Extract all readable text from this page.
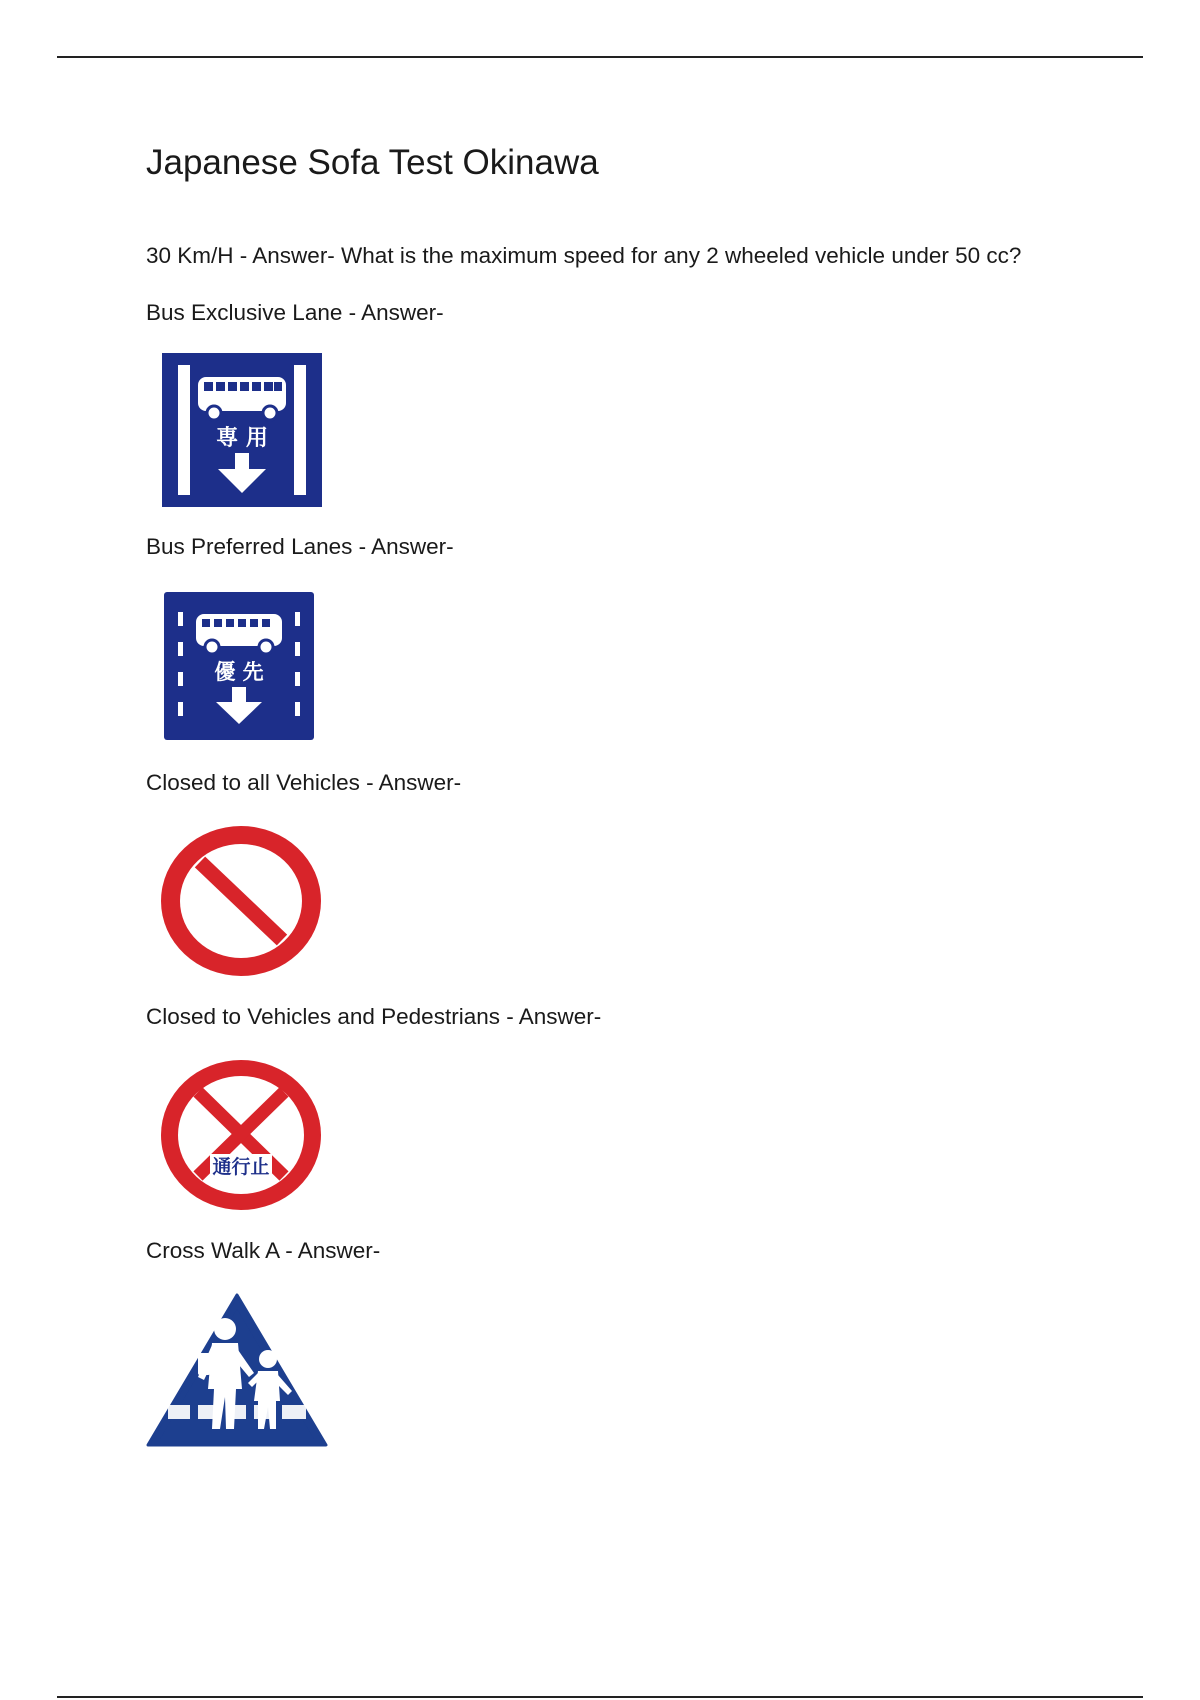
Japanese Sofa Test Okinawa

30 Km/H - Answer- What is the maximum speed for any 2 wheeled vehicle under 50 cc?

Bus Exclusive Lane - Answer-

専 用

Bus Preferred Lanes - Answer-

優 先

Closed to all Vehicles - Answer-

Closed to Vehicles and Pedestrians - Answer-

通行止

Cross Walk A - Answer-
